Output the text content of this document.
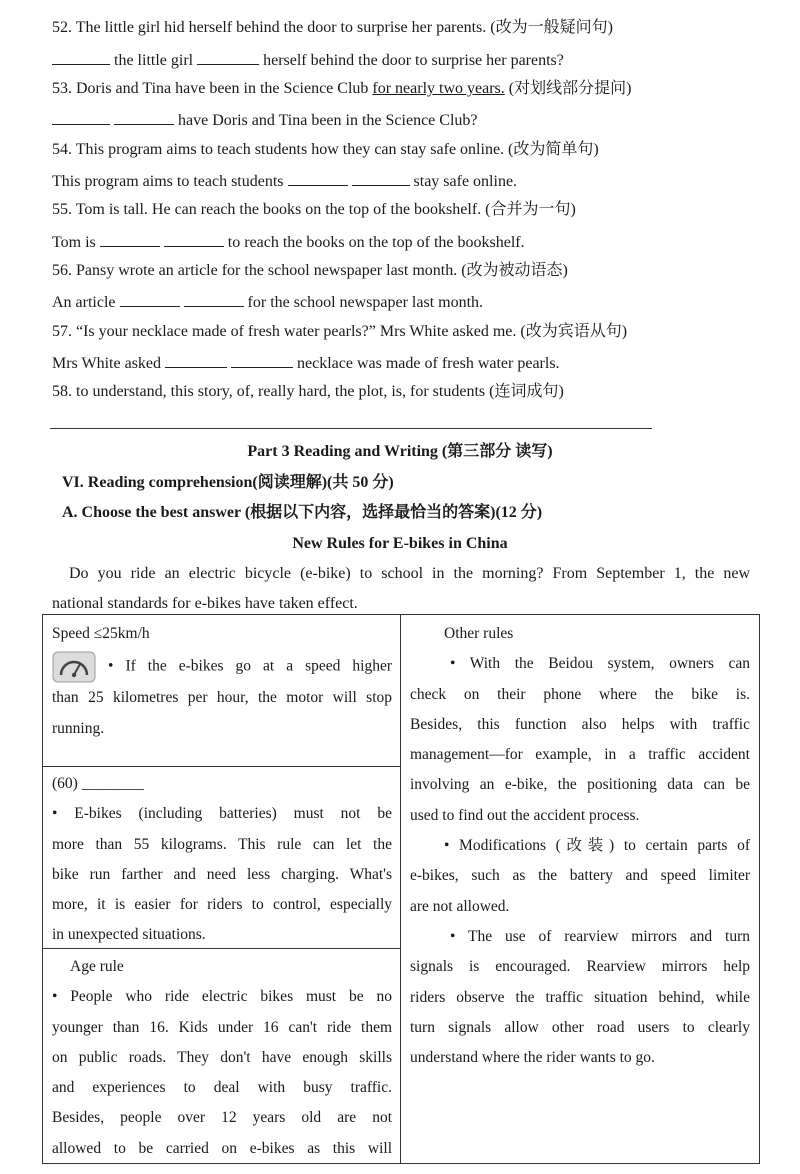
52. The little girl hid herself behind the door to surprise her parents. (改为一般疑问句)
the little girl	herself behind the door to surprise her parents?
53. Doris and Tina have been in the Science Club for nearly two years. (对划线部分提问)
have Doris and Tina been in the Science Club?
54. This program aims to teach students how they can stay safe online. (改为简单句)
This program aims to teach students	stay safe online.
55. Tom is tall. He can reach the books on the top of the bookshelf. (合并为一句)
Tom is	to reach the books on the top of the bookshelf.
56. Pansy wrote an article for the school newspaper last month. (改为被动语态)
An article	for the school newspaper last month.
57. “Is your necklace made of fresh water pearls?” Mrs White asked me. (改为宾语从句)
Mrs White asked	necklace was made of fresh water pearls.
58. to understand, this story, of, really hard, the plot, is, for students (连词成句)
Part 3 Reading and Writing (第三部分 读写)
VI. Reading comprehension(阅读理解)(共 50 分)
A. Choose the best answer (根据以下内容，选择最恰当的答案)(12 分)
New Rules for E-bikes in China
Do you ride an electric bicycle (e-bike) to school in the morning? From September 1, the new
national standards for e-bikes have taken effect.

Speed ≤25km/h

• If the e-bikes go at a speed higher

than 25 kilometres per hour, the motor will stop

running.

(60) ________

• E-bikes (including batteries) must not be

more than 55 kilograms. This rule can let the

bike run farther and need less charging. What's

more, it is easier for riders to control, especially

in unexpected situations.

Age rule

• People who ride electric bikes must be no

younger than 16. Kids under 16 can't ride them

on public roads. They don't have enough skills

and experiences to deal with busy traffic.

Besides, people over 12 years old are not

allowed to be carried on e-bikes as this will

Other rules

• With the Beidou system, owners can

check on their phone where the bike is.

Besides, this function also helps with traffic

management—for example, in a traffic accident

involving an e-bike, the positioning data can be

used to find out the accident process.

• Modifications (改装) to certain parts of

e-bikes, such as the battery and speed limiter

are not allowed.

• The use of rearview mirrors and turn

signals is encouraged. Rearview mirrors help

riders observe the traffic situation behind, while

turn signals allow other road users to clearly

understand where the rider wants to go.
